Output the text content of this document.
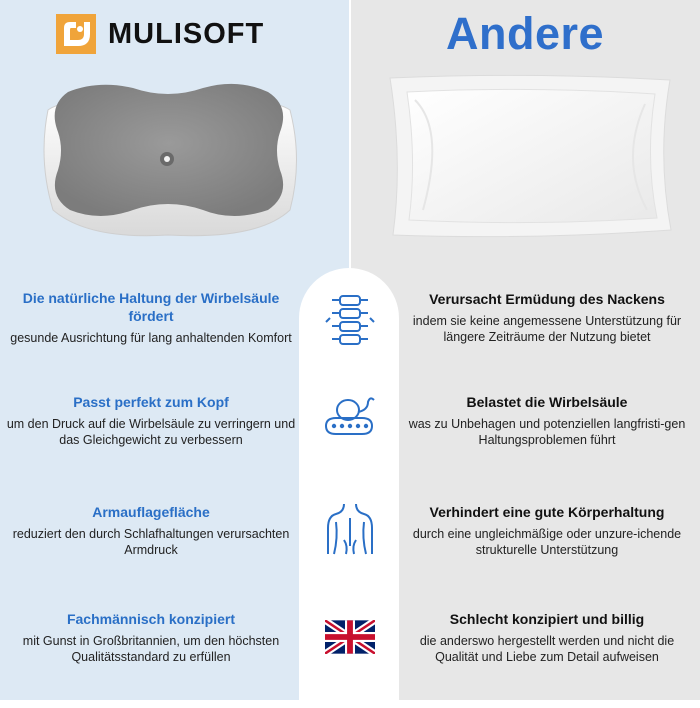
MULISOFT	Andere
Die natürliche Haltung der Wirbelsäule fördert
gesunde Ausrichtung für lang anhaltenden Komfort
Passt perfekt zum Kopf
um den Druck auf die Wirbelsäule zu verringern und das Gleichgewicht zu verbessern
Armauflagefläche
reduziert den durch Schlafhaltungen verursachten Armdruck
Fachmännisch konzipiert
mit Gunst in Großbritannien, um den höchsten Qualitätsstandard zu erfüllen
Verursacht Ermüdung des Nackens
indem sie keine angemessene Unterstützung für längere Zeiträume der Nutzung bietet
Belastet die Wirbelsäule
was zu Unbehagen und potenziellen langfristi-gen Haltungsproblemen führt
Verhindert eine gute Körperhaltung
durch eine ungleichmäßige oder unzure-ichende strukturelle Unterstützung
Schlecht konzipiert und billig
die anderswo hergestellt werden und nicht die Qualität und Liebe zum Detail aufweisen
